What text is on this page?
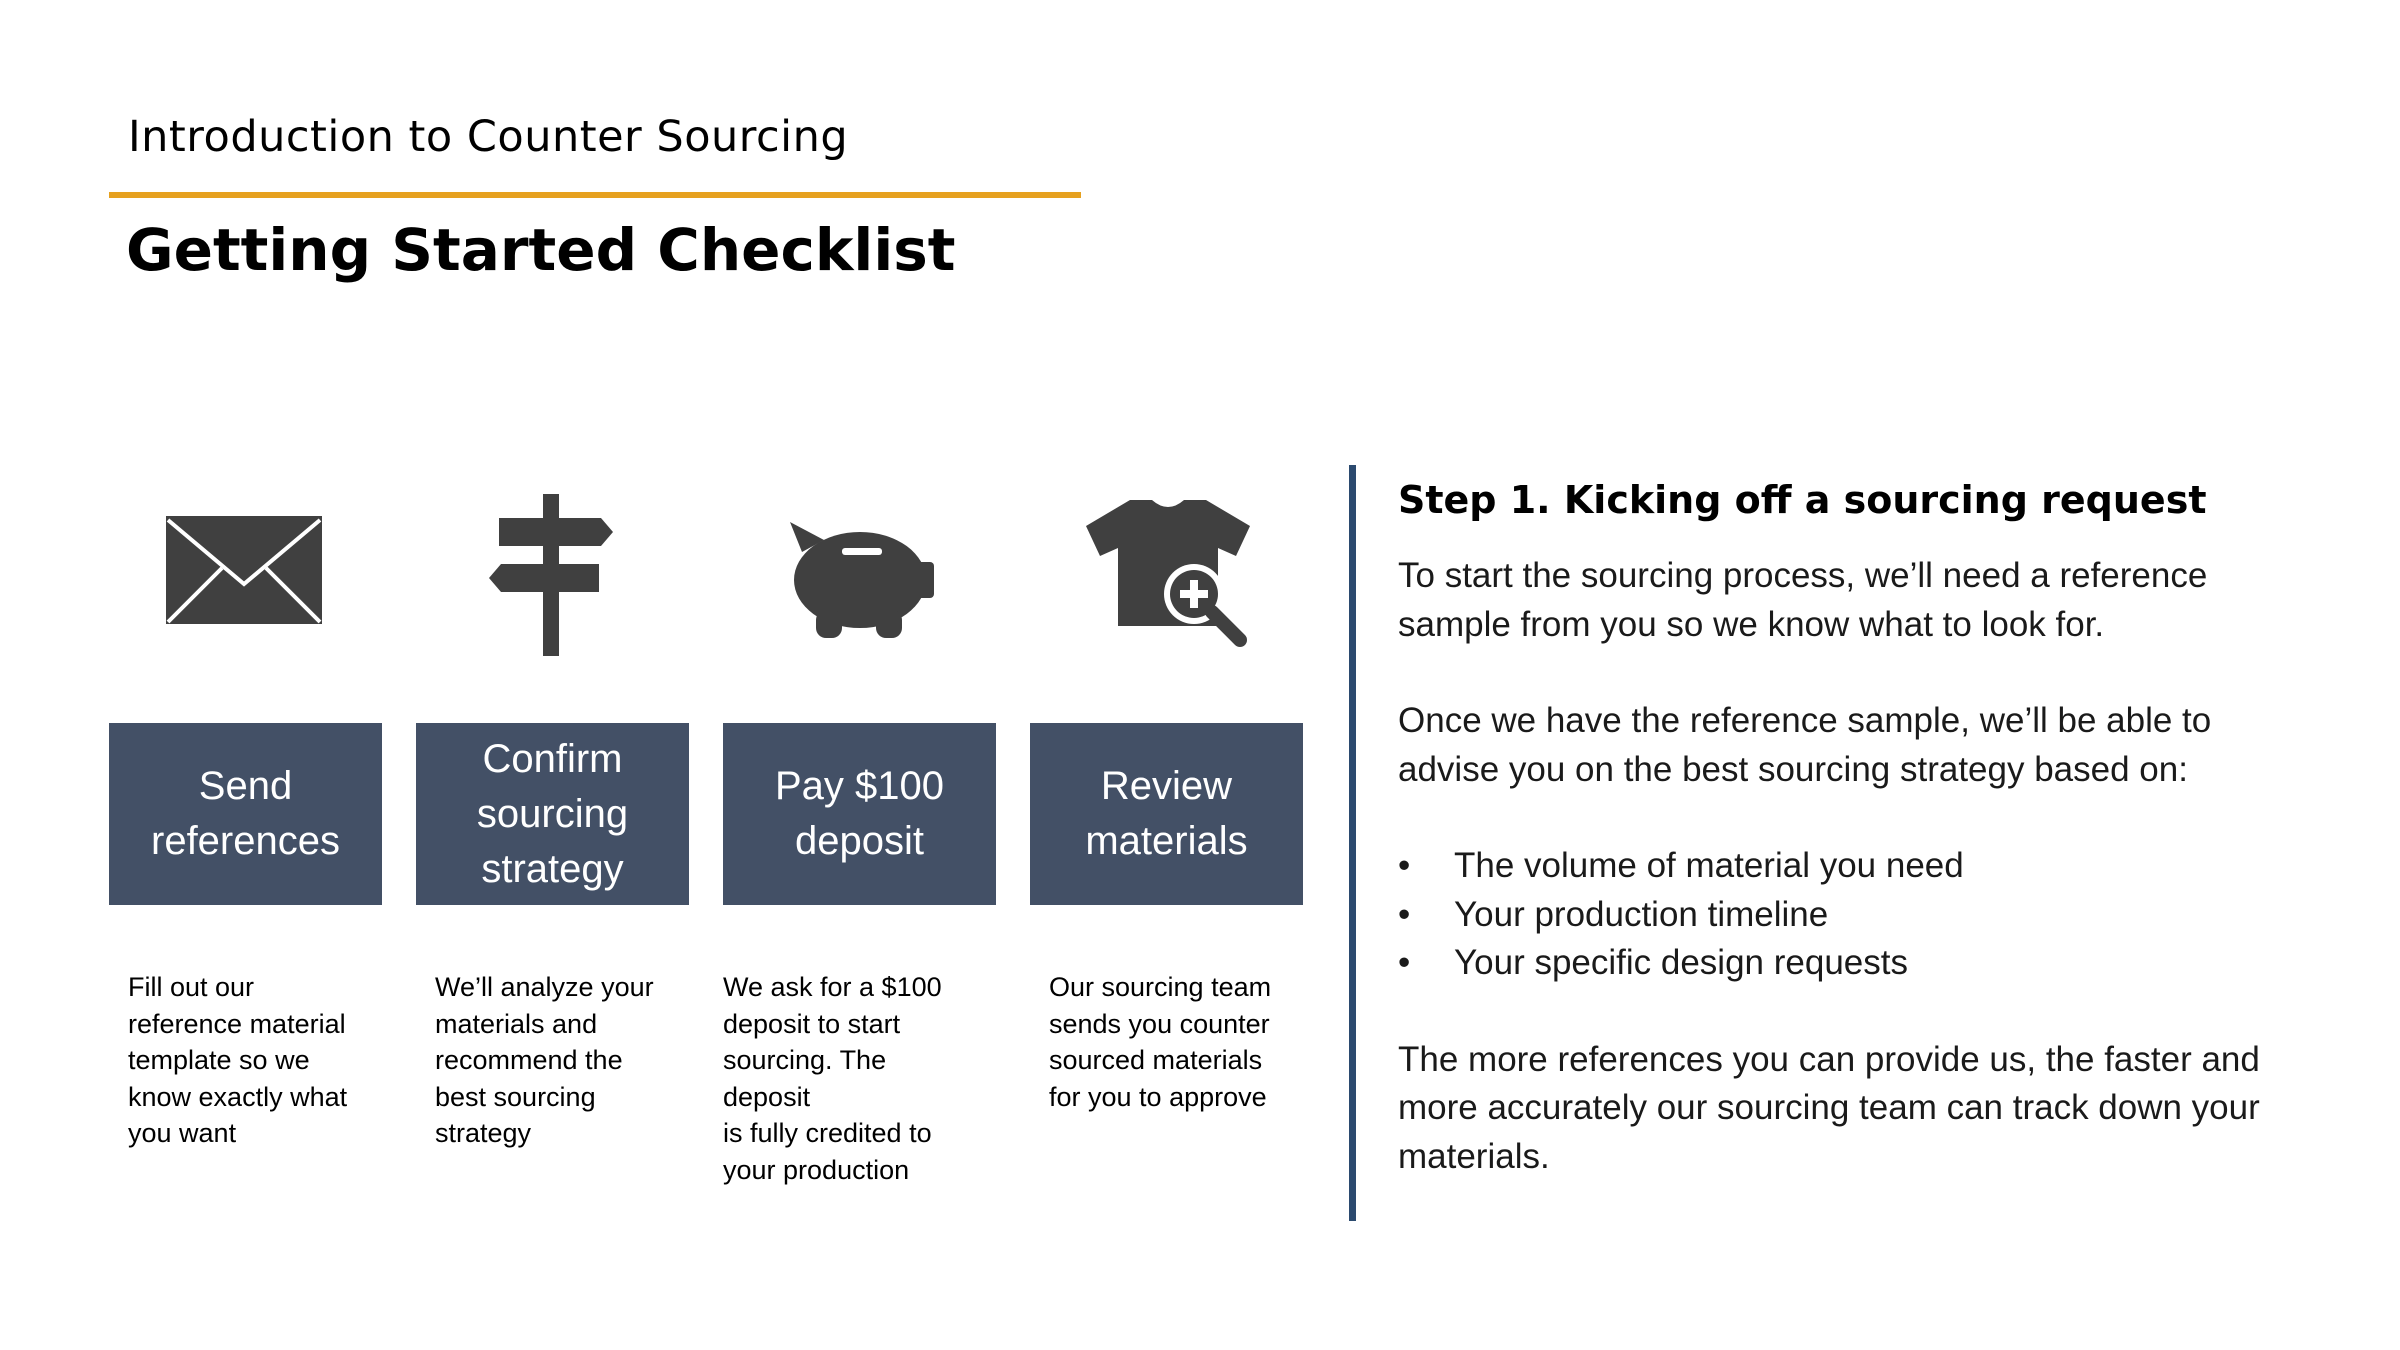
Introduction to Counter Sourcing
Getting Started Checklist
Send
references
Confirm
sourcing
strategy
Pay $100
deposit
Review
materials
Fill out our
reference material
template so we
know exactly what
you want
We’ll analyze your
materials and
recommend the
best sourcing
strategy
We ask for a $100
deposit to start
sourcing. The deposit
is fully credited to
your production
Our sourcing team
sends you counter
sourced materials
for you to approve
Step 1. Kicking off a sourcing request

To start the sourcing process, we’ll need a reference sample from you so we know what to look for.

Once we have the reference sample, we’ll be able to advise you on the best sourcing strategy based on:

•	The volume of material you need
•	Your production timeline
•	Your specific design requests

The more references you can provide us, the faster and more accurately our sourcing team can track down your materials.
